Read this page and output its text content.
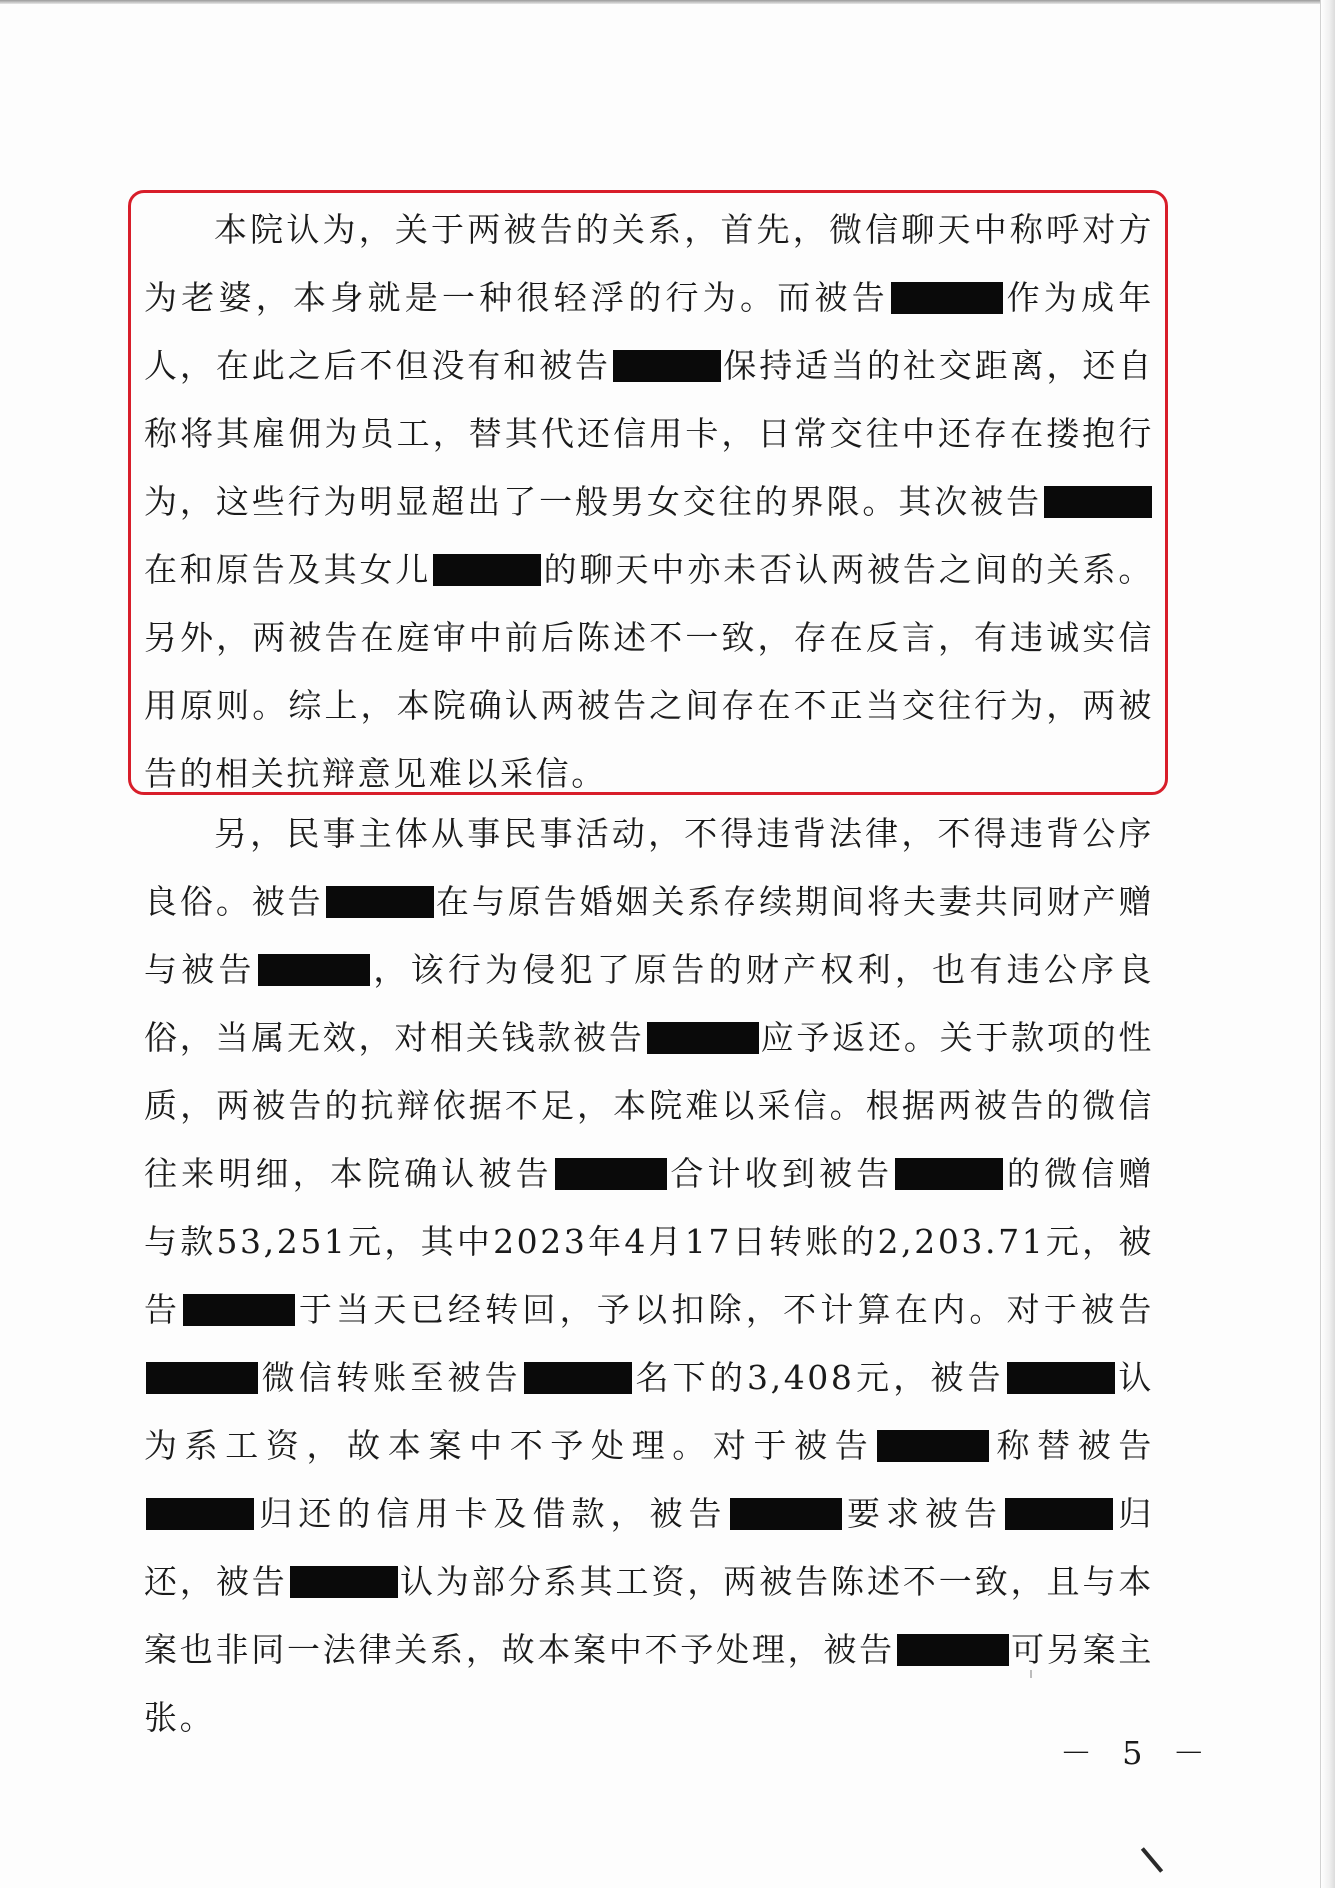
本院认为，关于两被告的关系，首先，微信聊天中称呼对方为老婆，本身就是一种很轻浮的行为。而被告	作为成年人，在此之后不但没有和被告	保持适当的社交距离，还自称将其雇佣为员工，替其代还信用卡，日常交往中还存在搂抱行为，这些行为明显超出了一般男女交往的界限。其次被告在和原告及其女儿	的聊天中亦未否认两被告之间的关系。另外，两被告在庭审中前后陈述不一致，存在反言，有违诚实信用原则。综上，本院确认两被告之间存在不正当交往行为，两被告的相关抗辩意见难以采信。

另，民事主体从事民事活动，不得违背法律，不得违背公序良俗。被告	在与原告婚姻关系存续期间将夫妻共同财产赠与被告	，该行为侵犯了原告的财产权利，也有违公序良俗，当属无效，对相关钱款被告	应予返还。关于款项的性质，两被告的抗辩依据不足，本院难以采信。根据两被告的微信往来明细，本院确认被告	合计收到被告	的微信赠与款53,251元，其中2023年4月17日转账的2,203.71元，被告	于当天已经转回，予以扣除，不计算在内。对于被告微信转账至被告	名下的3,408元，被告	认为系工资，故本案中不予处理。对于被告	称替被告归还的信用卡及借款，被告	要求被告	归还，被告	认为部分系其工资，两被告陈述不一致，且与本案也非同一法律关系，故本案中不予处理，被告	可另案主张。

－ 5 －
